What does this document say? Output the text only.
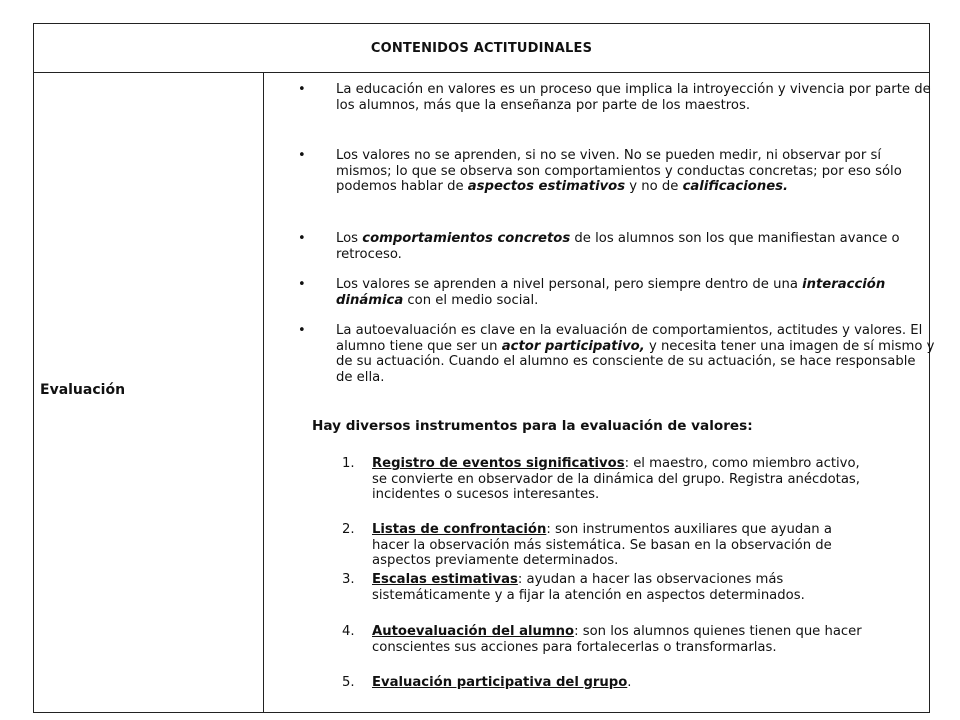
CONTENIDOS ACTITUDINALES
Evaluación
• La educación en valores es un proceso que implica la introyección y vivencia por parte de los alumnos, más que la enseñanza por parte de los maestros.
• Los valores no se aprenden, si no se viven. No se pueden medir, ni observar por sí mismos; lo que se observa son comportamientos y conductas concretas; por eso sólo podemos hablar de aspectos estimativos y no de calificaciones.
• Los comportamientos concretos de los alumnos son los que manifiestan avance o retroceso.
• Los valores se aprenden a nivel personal, pero siempre dentro de una interacción dinámica con el medio social.
• La autoevaluación es clave en la evaluación de comportamientos, actitudes y valores. El alumno tiene que ser un actor participativo, y necesita tener una imagen de sí mismo y de su actuación. Cuando el alumno es consciente de su actuación, se hace responsable de ella.
Hay diversos instrumentos para la evaluación de valores:
1. Registro de eventos significativos: el maestro, como miembro activo, se convierte en observador de la dinámica del grupo. Registra anécdotas, incidentes o sucesos interesantes.
2. Listas de confrontación: son instrumentos auxiliares que ayudan a hacer la observación más sistemática. Se basan en la observación de aspectos previamente determinados.
3. Escalas estimativas: ayudan a hacer las observaciones más sistemáticamente y a fijar la atención en aspectos determinados.
4. Autoevaluación del alumno: son los alumnos quienes tienen que hacer conscientes sus acciones para fortalecerlas o transformarlas.
5. Evaluación participativa del grupo.
